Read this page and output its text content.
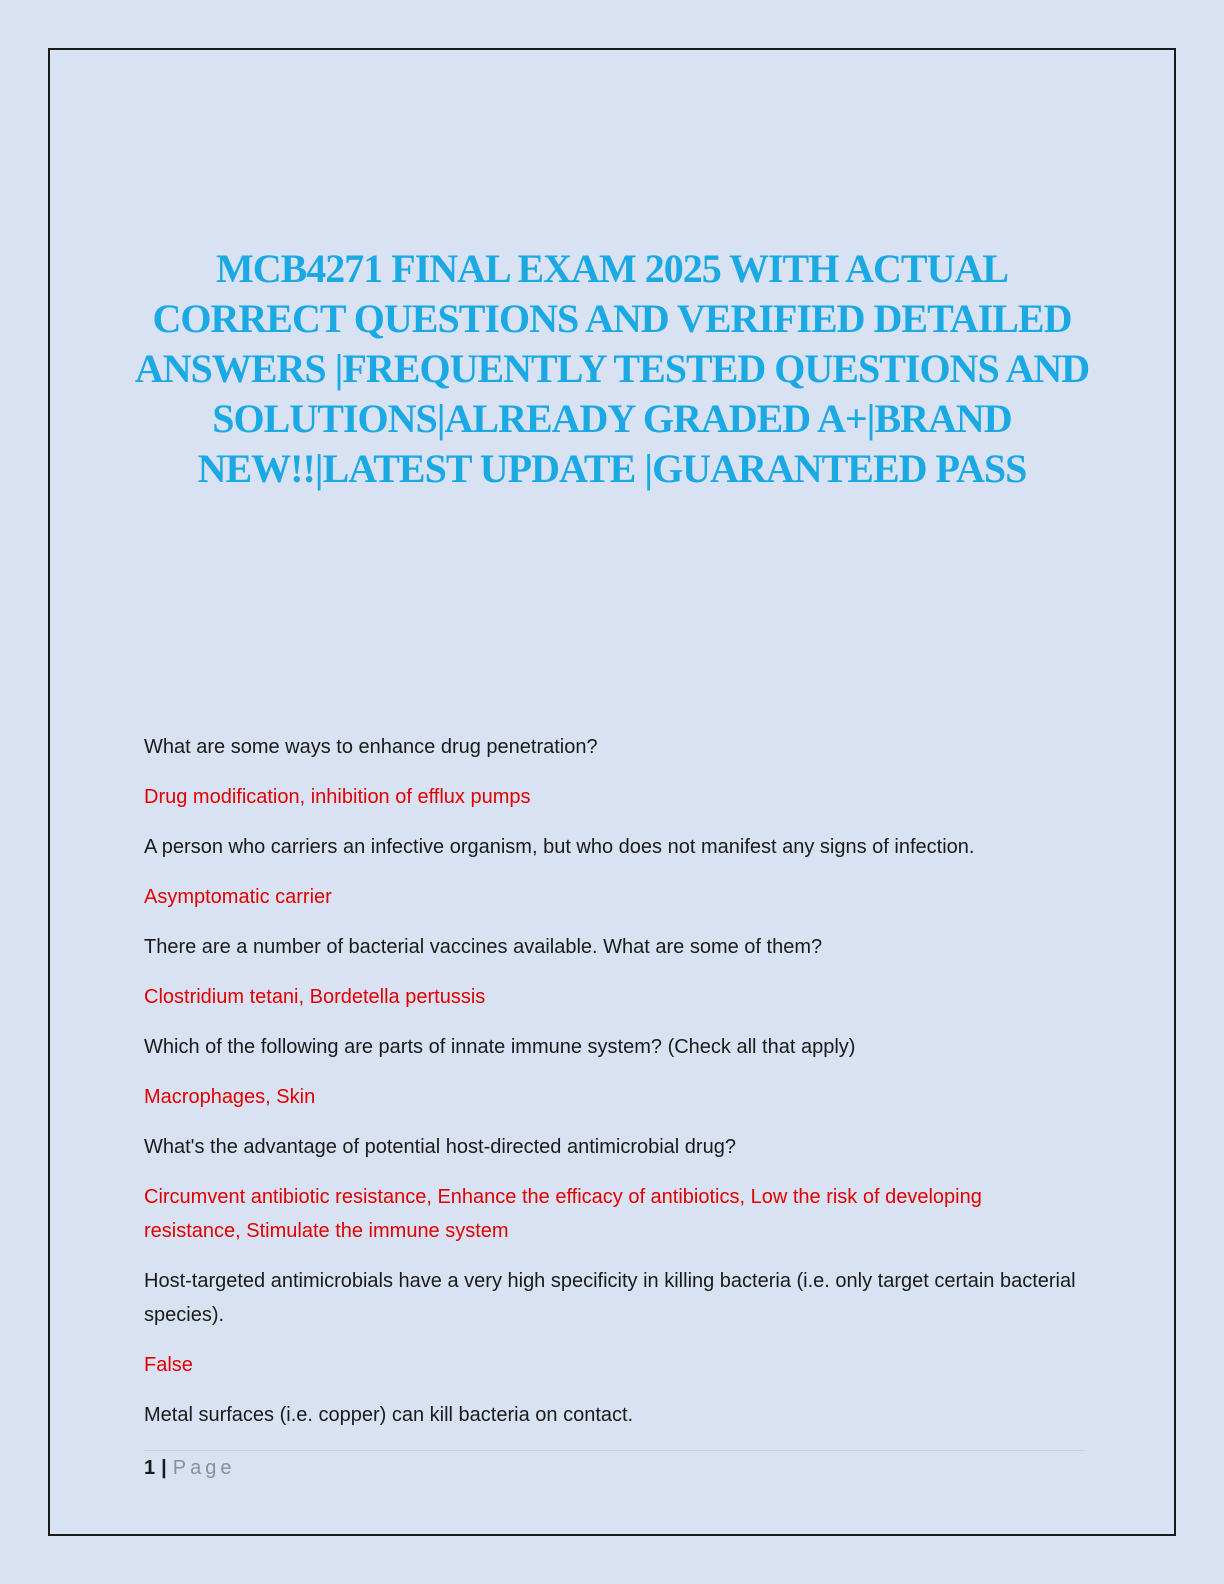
MCB4271 FINAL EXAM 2025 WITH ACTUAL CORRECT QUESTIONS AND VERIFIED DETAILED ANSWERS |FREQUENTLY TESTED QUESTIONS AND SOLUTIONS|ALREADY GRADED A+|BRAND NEW!!|LATEST UPDATE |GUARANTEED PASS

What are some ways to enhance drug penetration?

Drug modification, inhibition of efflux pumps

A person who carriers an infective organism, but who does not manifest any signs of infection.

Asymptomatic carrier

There are a number of bacterial vaccines available. What are some of them?

Clostridium tetani, Bordetella pertussis

Which of the following are parts of innate immune system? (Check all that apply)

Macrophages, Skin

What's the advantage of potential host-directed antimicrobial drug?

Circumvent antibiotic resistance, Enhance the efficacy of antibiotics, Low the risk of developing resistance, Stimulate the immune system

Host-targeted antimicrobials have a very high specificity in killing bacteria (i.e. only target certain bacterial species).

False

Metal surfaces (i.e. copper) can kill bacteria on contact.

1 | Page
